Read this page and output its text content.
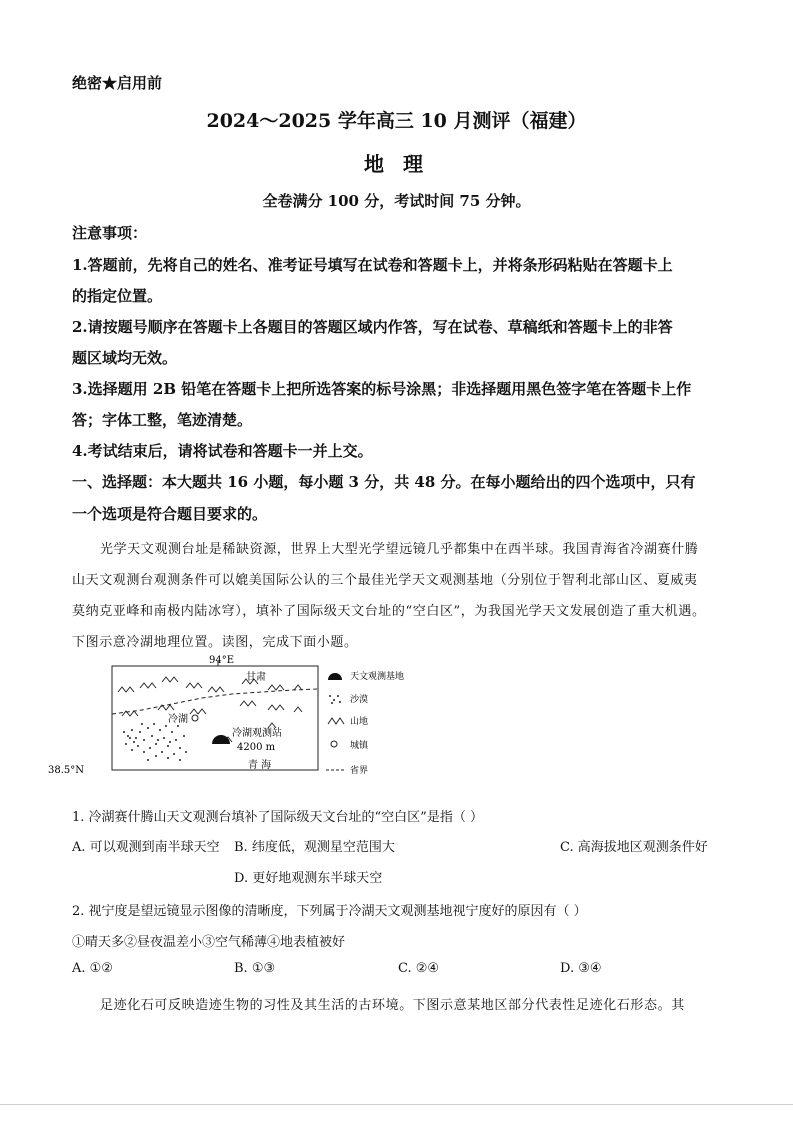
绝密★启用前
2024～2025 学年高三 10 月测评（福建）
地 理
全卷满分 100 分，考试时间 75 分钟。
注意事项：
1.答题前，先将自己的姓名、准考证号填写在试卷和答题卡上，并将条形码粘贴在答题卡上
的指定位置。
2.请按题号顺序在答题卡上各题目的答题区域内作答，写在试卷、草稿纸和答题卡上的非答
题区域均无效。
3.选择题用 2B 铅笔在答题卡上把所选答案的标号涂黑；非选择题用黑色签字笔在答题卡上作
答；字体工整，笔迹清楚。
4.考试结束后，请将试卷和答题卡一并上交。
一、选择题：本大题共 16 小题，每小题 3 分，共 48 分。在每小题给出的四个选项中，只有
一个选项是符合题目要求的。
光学天文观测台址是稀缺资源，世界上大型光学望远镜几乎都集中在西半球。我国青海省冷湖赛什腾
山天文观测台观测条件可以媲美国际公认的三个最佳光学天文观测基地（分别位于智利北部山区、夏威夷
莫纳克亚峰和南极内陆冰穹），填补了国际级天文台址的“空白区”，为我国光学天文发展创造了重大机遇。
下图示意冷湖地理位置。读图，完成下面小题。
94°E
38.5°N
甘肃
冷湖
冷湖观测站
4200 m
青 海
天文观测基地
沙漠
山地
城镇
省界
1. 冷湖赛什腾山天文观测台填补了国际级天文台址的“空白区”是指（ ）
A. 可以观测到南半球天空 B. 纬度低，观测星空范围大	C. 高海拔地区观测条件好
D. 更好地观测东半球天空
2. 视宁度是望远镜显示图像的清晰度，下列属于冷湖天文观测基地视宁度好的原因有（ ）
①晴天多②昼夜温差小③空气稀薄④地表植被好
A. ①②	B. ①③	C. ②④	D. ③④
足迹化石可反映造迹生物的习性及其生活的古环境。下图示意某地区部分代表性足迹化石形态。其
